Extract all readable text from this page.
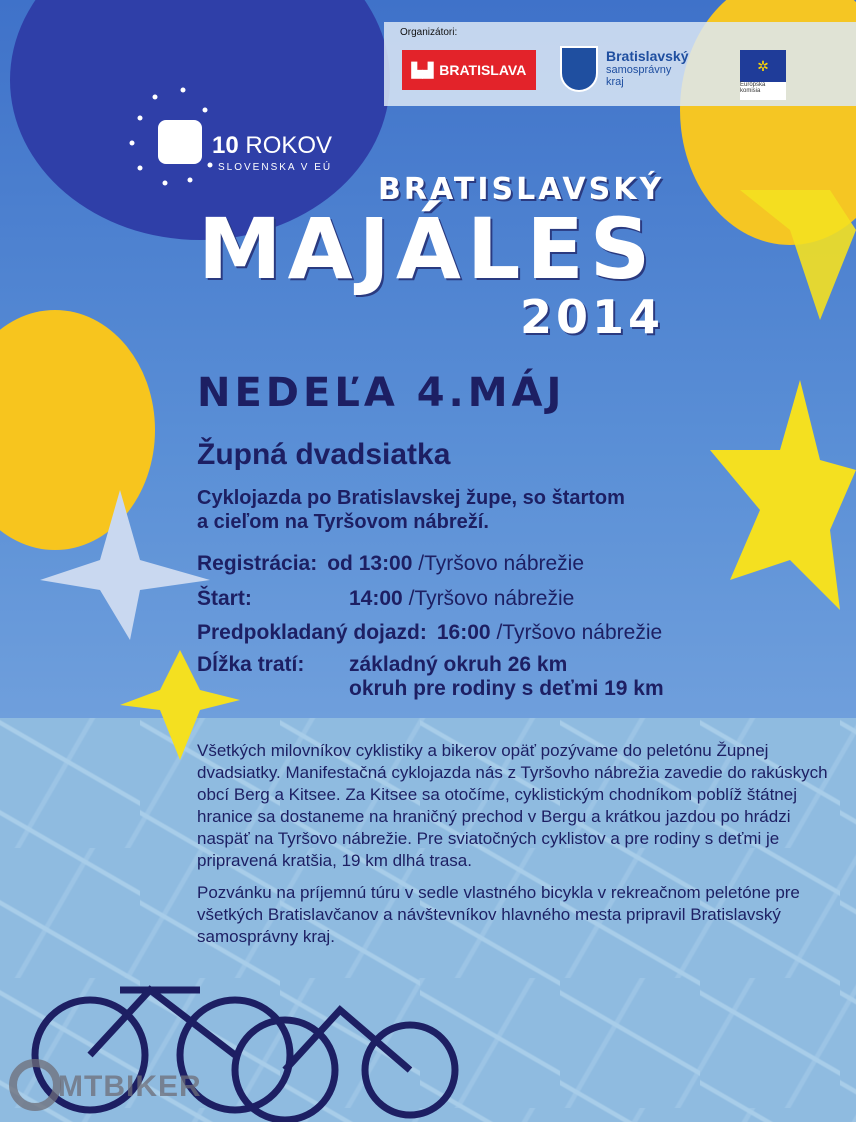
Organizátori:
▙▟ BRATISLAVA
Bratislavský
samosprávny
kraj
✲
Európska
komisia
10 ROKOV
SLOVENSKA V EÚ
BRATISLAVSKÝ
MAJÁLES
2014
NEDEĽA 4.MÁJ
Župná dvadsiatka
Cyklojazda po Bratislavskej župe, so štartom
a cieľom na Tyršovom nábreží.
Registrácia: od 13:00 /Tyršovo nábrežie
Štart:	14:00 /Tyršovo nábrežie
Predpokladaný dojazd: 16:00 /Tyršovo nábrežie
Dĺžka tratí:	základný okruh 26 km
okruh pre rodiny s deťmi 19 km

Všetkých milovníkov cyklistiky a bikerov opäť pozývame do peletónu Župnej dvadsiatky. Manifestačná cyklojazda nás z Tyršovho nábrežia zavedie do rakúskych obcí Berg a Kitsee. Za Kitsee sa otočíme, cyklistickým chodníkom poblíž štátnej hranice sa dostaneme na hraničný prechod v Bergu a krátkou jazdou po hrádzi naspäť na Tyršovo nábrežie. Pre sviatočných cyklistov a pre rodiny s deťmi je pripravená kratšia, 19 km dlhá trasa.

Pozvánku na príjemnú túru v sedle vlastného bicykla v rekreačnom peletóne pre všetkých Bratislavčanov a návštevníkov hlavného mesta pripravil Bratislavský samosprávny kraj.

MTBIKER
